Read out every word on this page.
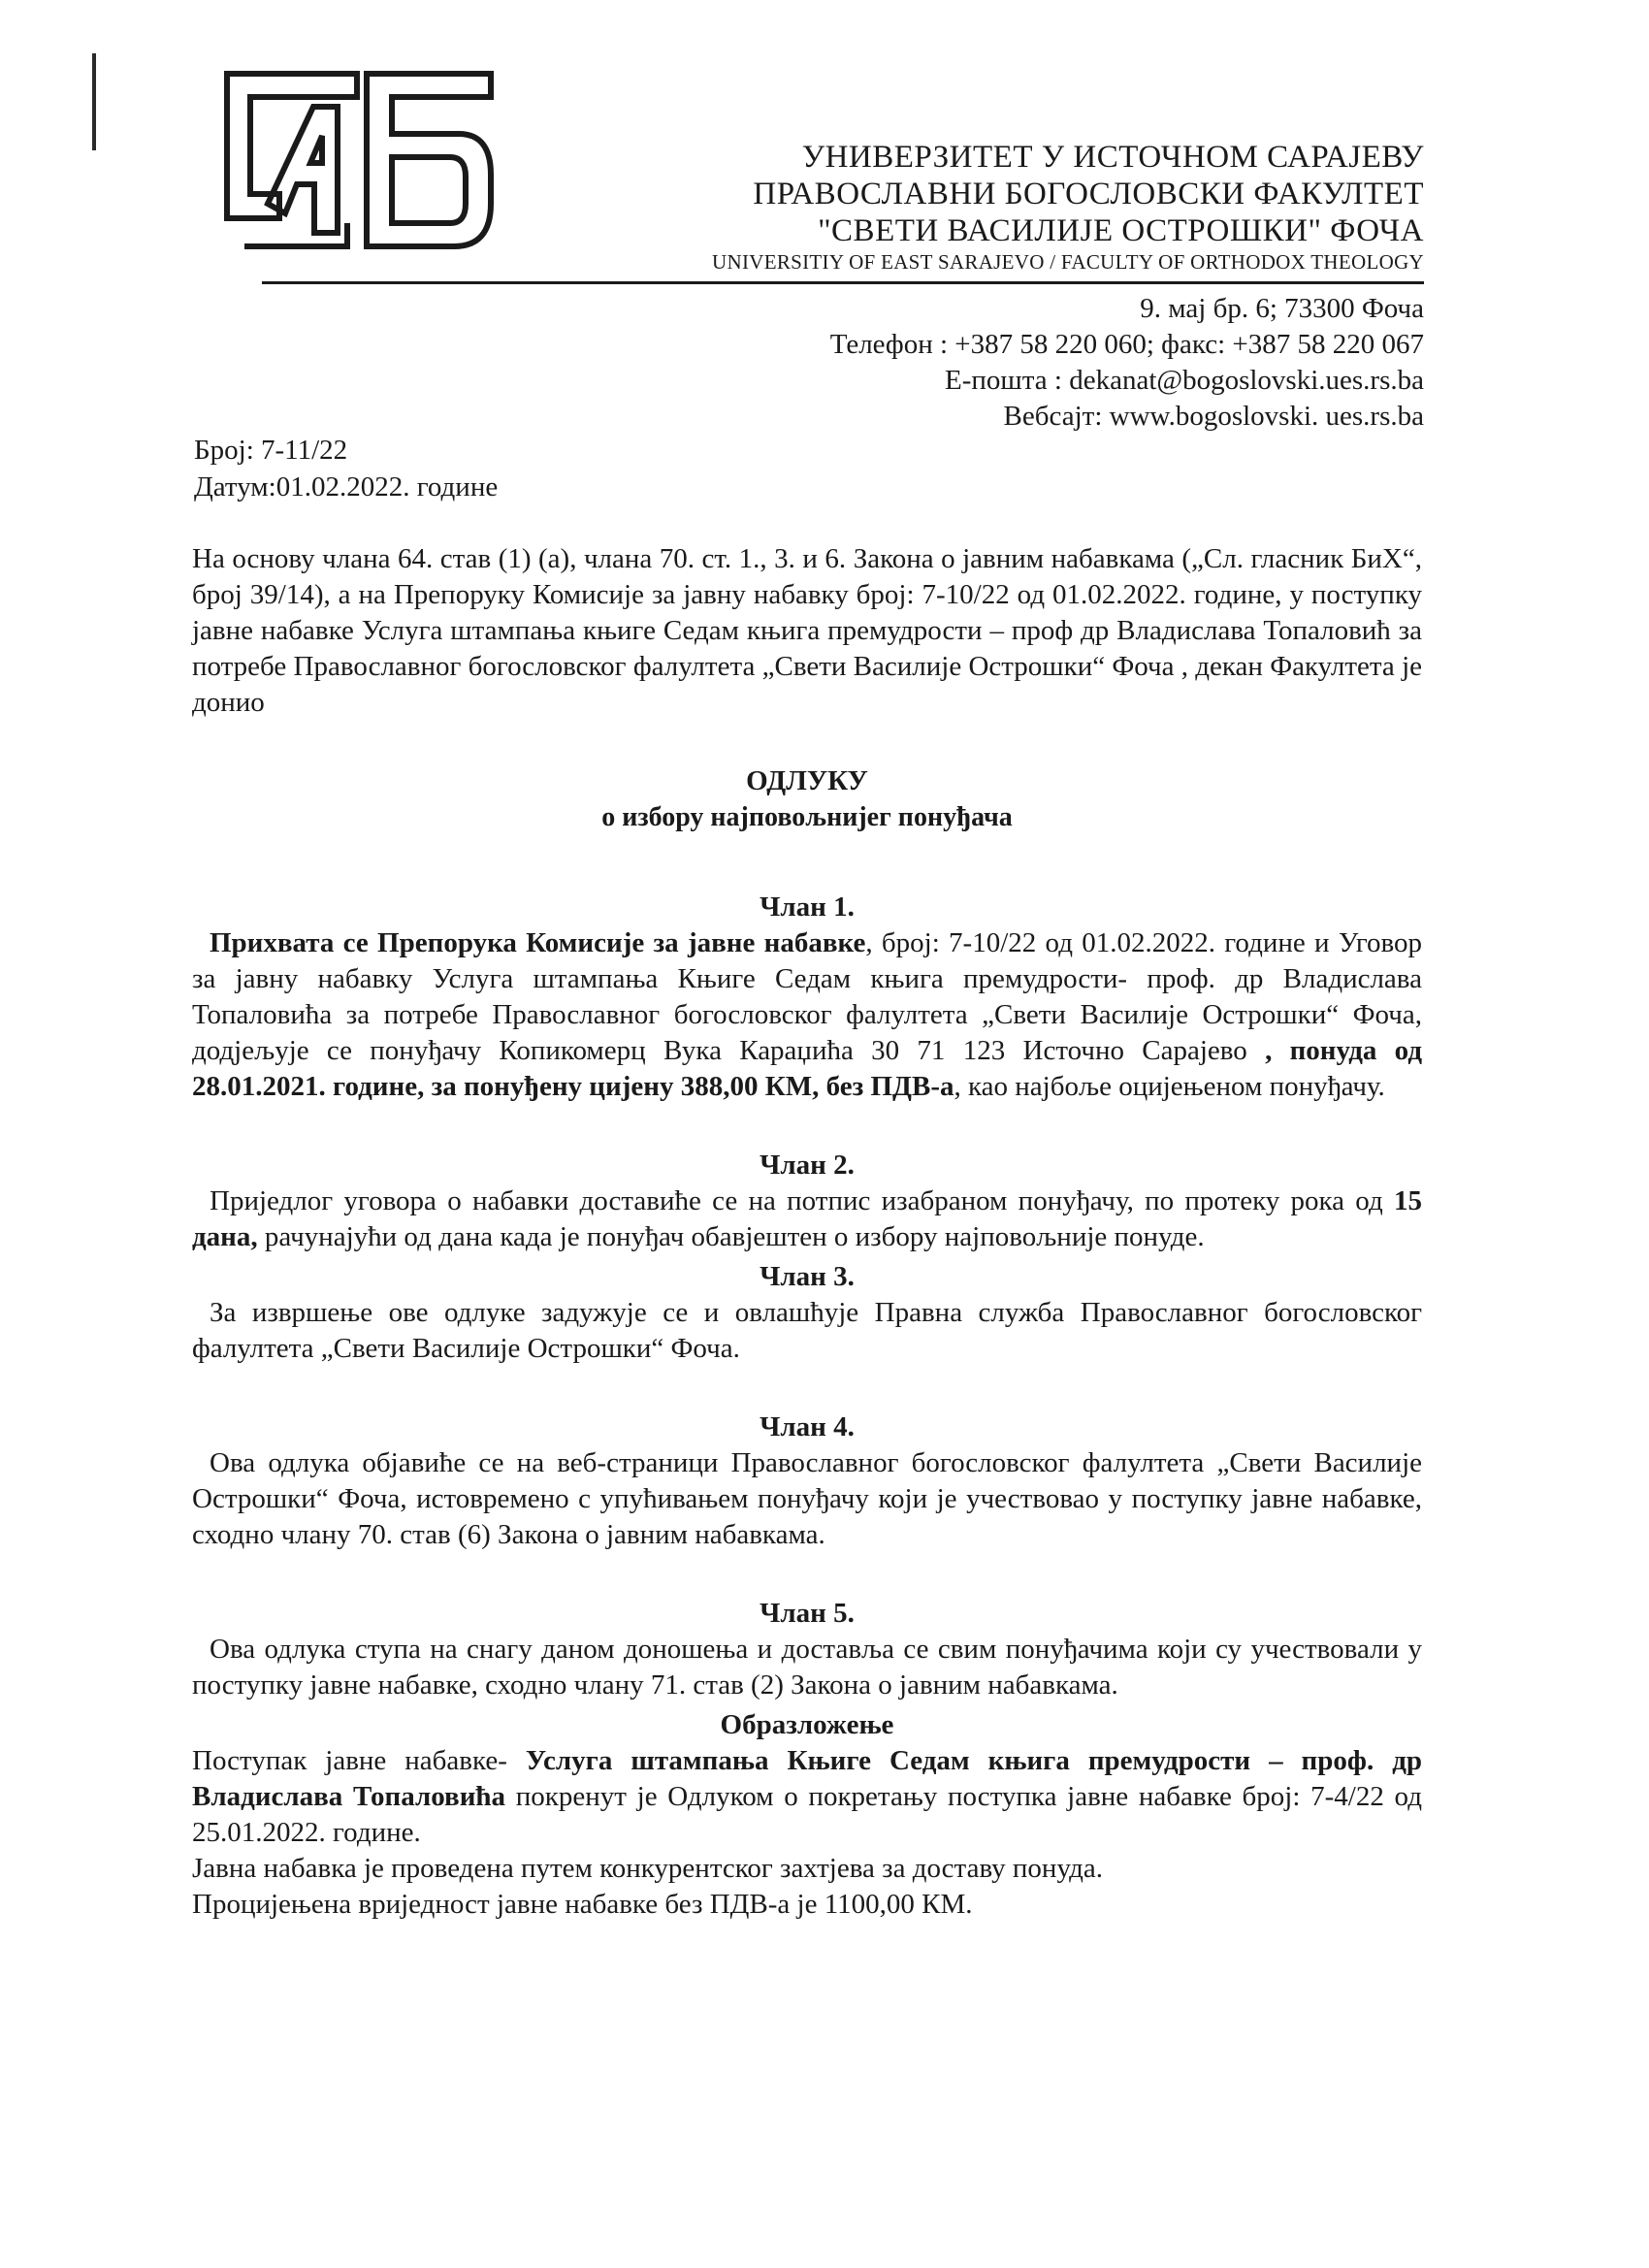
УНИВЕРЗИТЕТ У ИСТОЧНОМ САРАЈЕВУ
ПРАВОСЛАВНИ БОГОСЛОВСКИ ФАКУЛТЕТ
"СВЕТИ ВАСИЛИЈЕ ОСТРОШКИ" ФОЧА
UNIVERSITIY OF EAST SARAJEVO / FACULTY OF ORTHODOX THEOLOGY
9. мај бр. 6; 73300 Фоча
Телефон : +387 58 220 060; факс: +387 58 220 067
Е-пошта : dekanat@bogoslovski.ues.rs.ba
Вебсајт: www.bogoslovski. ues.rs.ba
Број: 7-11/22
Датум:01.02.2022. године

На основу члана 64. став (1) (а), члана 70. ст. 1., 3. и 6. Закона о јавним набавкама („Сл. гласник БиХ“, број 39/14), а на Препоруку Комисије за јавну набавку број: 7-10/22 од 01.02.2022. године, у поступку јавне набавке Услуга штампања књиге Седам књига премудрости – проф др Владислава Топаловић за потребе Православног богословског фалултета „Свети Василије Острошки“ Фоча , декан Факултета је донио

ОДЛУКУ

о избору најповољнијег понуђача

Члан 1.

Прихвата се Препорука Комисије за јавне набавке, број: 7-10/22 од 01.02.2022. године и Уговор за јавну набавку Услуга штампања Књиге Седам књига премудрости- проф. др Владислава Топаловића за потребе Православног богословског фалултета „Свети Василије Острошки“ Фоча, додјељује се понуђачу Копикомерц Вука Караџића 30 71 123 Источно Сарајево , понуда од 28.01.2021. године, за понуђену цијену 388,00 КМ, без ПДВ-а, као најбоље оцијењеном понуђачу.

Члан 2.

Приједлог уговора о набавки доставиће се на потпис изабраном понуђачу, по протеку рока од 15 дана, рачунајући од дана када је понуђач обавјештен о избору најповољније понуде.

Члан 3.

За извршење ове одлуке задужује се и овлашћује Правна служба Православног богословског фалултета „Свети Василије Острошки“ Фоча.

Члан 4.

Ова одлука објавиће се на веб-страници Православног богословског фалултета „Свети Василије Острошки“ Фоча, истовремено с упућивањем понуђачу који је учествовао у поступку јавне набавке, сходно члану 70. став (6) Закона о јавним набавкама.

Члан 5.

Ова одлука ступа на снагу даном доношења и доставља се свим понуђачима који су учествовали у поступку јавне набавке, сходно члану 71. став (2) Закона о јавним набавкама.

Образложење

Поступак јавне набавке- Услуга штампања Књиге Седам књига премудрости – проф. др Владислава Топаловића покренут је Одлуком о покретању поступка јавне набавке број: 7-4/22 од 25.01.2022. године.

Јавна набавка је проведена путем конкурентског захтјева за доставу понуда.

Процијењена вриједност јавне набавке без ПДВ-а је 1100,00 КМ.
